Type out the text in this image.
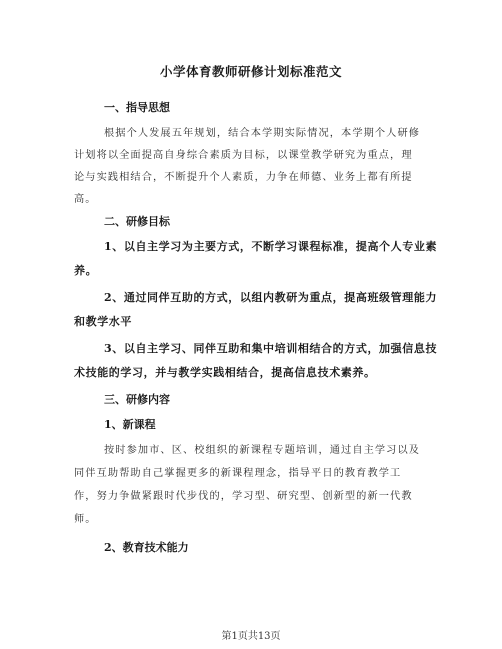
小学体育教师研修计划标准范文
一、指导思想
根据个人发展五年规划，结合本学期实际情况，本学期个人研修
计划将以全面提高自身综合素质为目标，以课堂教学研究为重点，理
论与实践相结合，不断提升个人素质，力争在师德、业务上都有所提
高。
二、研修目标
1、以自主学习为主要方式，不断学习课程标准，提高个人专业素
养。
2、通过同伴互助的方式，以组内教研为重点，提高班级管理能力
和教学水平
3、以自主学习、同伴互助和集中培训相结合的方式，加强信息技
术技能的学习，并与教学实践相结合，提高信息技术素养。
三、研修内容
1、新课程
按时参加市、区、校组织的新课程专题培训，通过自主学习以及
同伴互助帮助自己掌握更多的新课程理念，指导平日的教育教学工
作，努力争做紧跟时代步伐的，学习型、研究型、创新型的新一代教
师。
2、教育技术能力
第1页共13页
